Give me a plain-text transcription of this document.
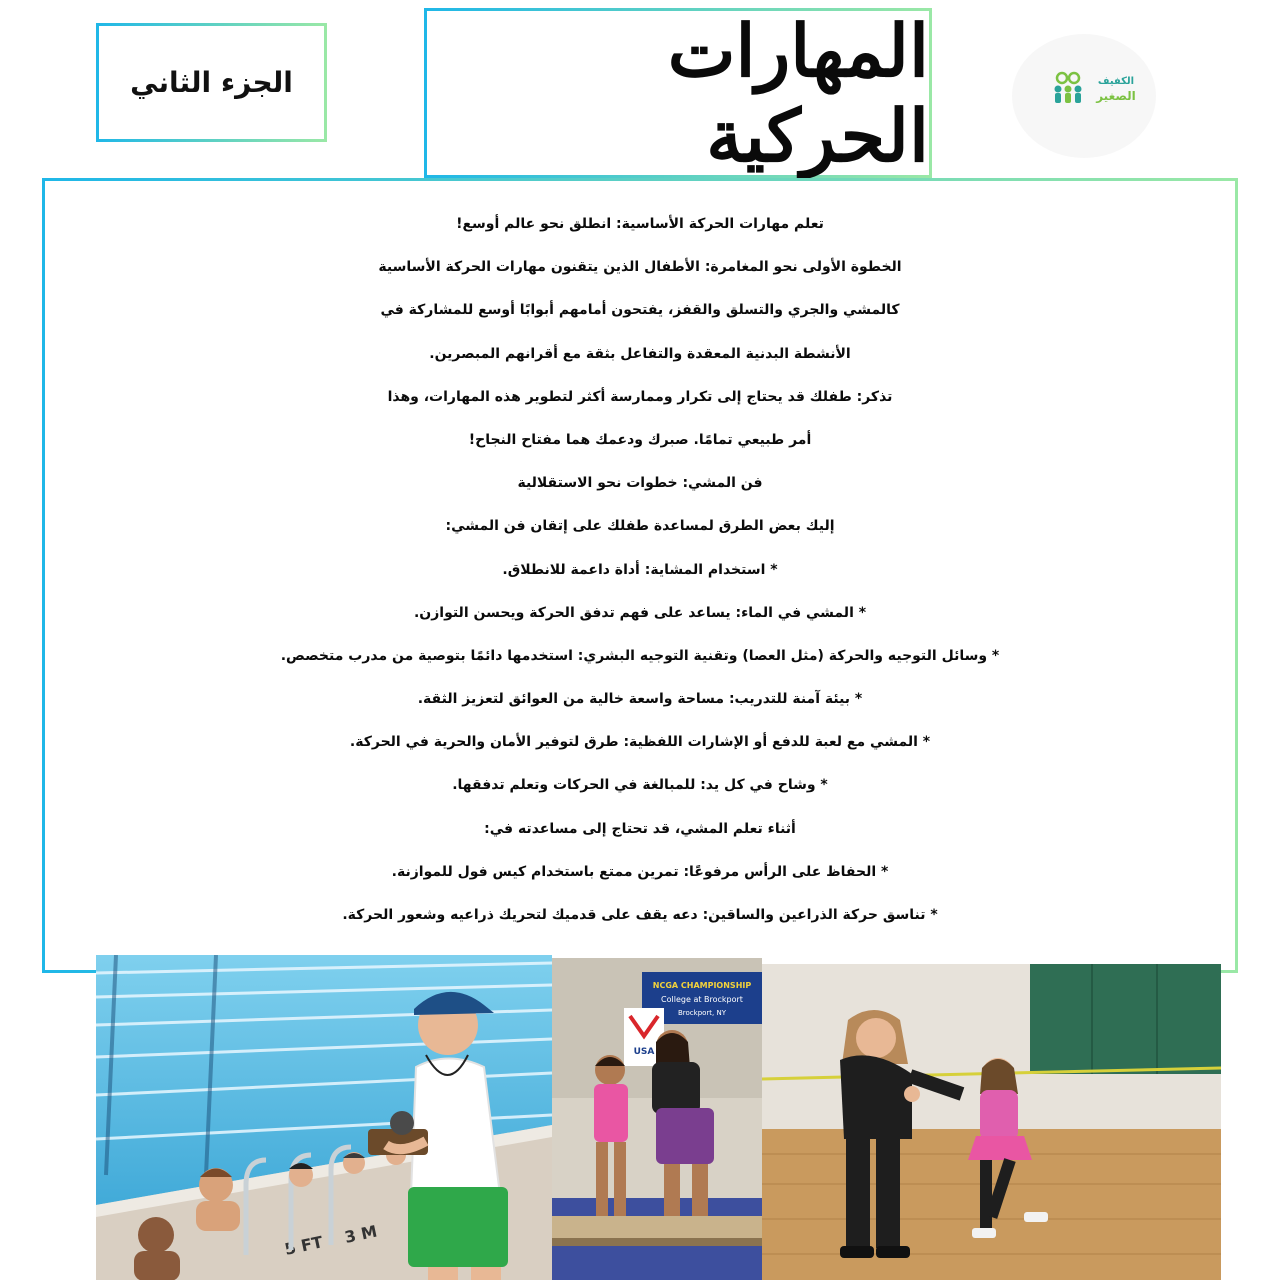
الجزء الثاني	المهارات الحركية
الكفيف
الصغير
تعلم مهارات الحركة الأساسية: انطلق نحو عالم أوسع!
الخطوة الأولى نحو المغامرة: الأطفال الذين يتقنون مهارات الحركة الأساسية
كالمشي والجري والتسلق والقفز، يفتحون أمامهم أبوابًا أوسع للمشاركة في
الأنشطة البدنية المعقدة والتفاعل بثقة مع أقرانهم المبصرين.
تذكر: طفلك قد يحتاج إلى تكرار وممارسة أكثر لتطوير هذه المهارات، وهذا
أمر طبيعي تمامًا. صبرك ودعمك هما مفتاح النجاح!
فن المشي: خطوات نحو الاستقلالية
إليك بعض الطرق لمساعدة طفلك على إتقان فن المشي:
* استخدام المشاية: أداة داعمة للانطلاق.
* المشي في الماء: يساعد على فهم تدفق الحركة ويحسن التوازن.
* وسائل التوجيه والحركة (مثل العصا) وتقنية التوجيه البشري: استخدمها دائمًا بتوصية من مدرب متخصص.
* بيئة آمنة للتدريب: مساحة واسعة خالية من العوائق لتعزيز الثقة.
* المشي مع لعبة للدفع أو الإشارات اللفظية: طرق لتوفير الأمان والحرية في الحركة.
* وشاح في كل يد: للمبالغة في الحركات وتعلم تدفقها.
أثناء تعلم المشي، قد تحتاج إلى مساعدته في:
* الحفاظ على الرأس مرفوعًا: تمرين ممتع باستخدام كيس فول للموازنة.
* تناسق حركة الذراعين والساقين: دعه يقف على قدميك لتحريك ذراعيه وشعور الحركة.
5 FT 3 M
NCGA CHAMPIONSHIP
College at Brockport
Brockport, NY
USA
